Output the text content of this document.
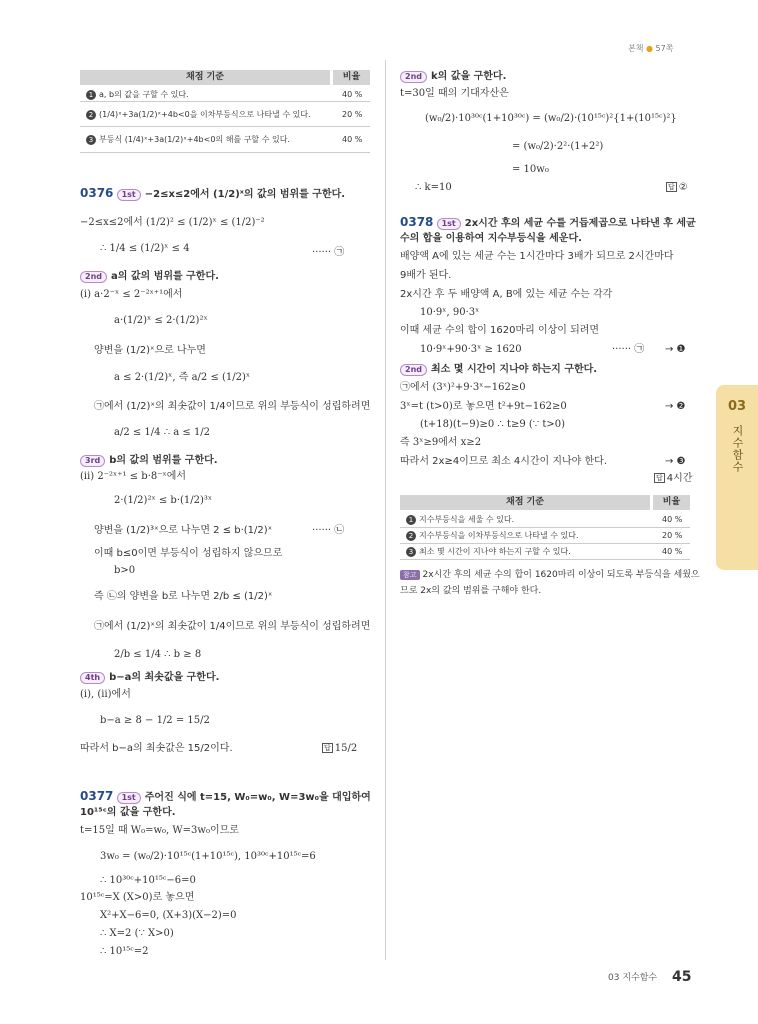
본책 ● 57쪽
03
지수함수
채점 기준	비율
1 a, b의 값을 구할 수 있다.	40 %
2 (1/4)ˣ+3a(1/2)ˣ+4b<0을 이차부등식으로 나타낼 수 있다.	20 %
3 부등식 (1/4)ˣ+3a(1/2)ˣ+4b<0의 해를 구할 수 있다.	40 %
0376 1st −2≤x≤2에서 (1/2)ˣ의 값의 범위를 구한다.
−2≤x≤2에서 (1/2)² ≤ (1/2)ˣ ≤ (1/2)⁻²
∴ 1/4 ≤ (1/2)ˣ ≤ 4	······ ㉠
2nd a의 값의 범위를 구한다.
(ⅰ) a·2⁻ˣ ≤ 2⁻²ˣ⁺¹에서
a·(1/2)ˣ ≤ 2·(1/2)²ˣ
양변을 (1/2)ˣ으로 나누면
a ≤ 2·(1/2)ˣ, 즉 a/2 ≤ (1/2)ˣ
㉠에서 (1/2)ˣ의 최솟값이 1/4이므로 위의 부등식이 성립하려면
a/2 ≤ 1/4 ∴ a ≤ 1/2
3rd b의 값의 범위를 구한다.
(ⅱ) 2⁻²ˣ⁺¹ ≤ b·8⁻ˣ에서
2·(1/2)²ˣ ≤ b·(1/2)³ˣ
양변을 (1/2)³ˣ으로 나누면 2 ≤ b·(1/2)ˣ	······ ㉡
이때 b≤0이면 부등식이 성립하지 않으므로
b>0
즉 ㉡의 양변을 b로 나누면 2/b ≤ (1/2)ˣ
㉠에서 (1/2)ˣ의 최솟값이 1/4이므로 위의 부등식이 성립하려면
2/b ≤ 1/4 ∴ b ≥ 8
4th b−a의 최솟값을 구한다.
(ⅰ), (ⅱ)에서
b−a ≥ 8 − 1/2 = 15/2
따라서 b−a의 최솟값은 15/2이다.	답 15/2
0377 1st 주어진 식에 t=15, W₀=w₀, W=3w₀을 대입하여
10¹⁵ᶜ의 값을 구한다.
t=15일 때 W₀=w₀, W=3w₀이므로
3w₀ = (w₀/2)·10¹⁵ᶜ(1+10¹⁵ᶜ), 10³⁰ᶜ+10¹⁵ᶜ=6
∴ 10³⁰ᶜ+10¹⁵ᶜ−6=0
10¹⁵ᶜ=X (X>0)로 놓으면
X²+X−6=0, (X+3)(X−2)=0
∴ X=2 (∵ X>0)
∴ 10¹⁵ᶜ=2
2nd k의 값을 구한다.
t=30일 때의 기대자산은
(w₀/2)·10³⁰ᶜ(1+10³⁰ᶜ) = (w₀/2)·(10¹⁵ᶜ)²{1+(10¹⁵ᶜ)²}
= (w₀/2)·2²·(1+2²)
= 10w₀
∴ k=10	답 ②
0378 1st 2x시간 후의 세균 수를 거듭제곱으로 나타낸 후 세균
수의 합을 이용하여 지수부등식을 세운다.
배양액 A에 있는 세균 수는 1시간마다 3배가 되므로 2시간마다
9배가 된다.
2x시간 후 두 배양액 A, B에 있는 세균 수는 각각
10·9ˣ, 90·3ˣ
이때 세균 수의 합이 1620마리 이상이 되려면
10·9ˣ+90·3ˣ ≥ 1620	······ ㉠ → ❶
2nd 최소 몇 시간이 지나야 하는지 구한다.
㉠에서 (3ˣ)²+9·3ˣ−162≥0
3ˣ=t (t>0)로 놓으면 t²+9t−162≥0	→ ❷
(t+18)(t−9)≥0 ∴ t≥9 (∵ t>0)
즉 3ˣ≥9에서 x≥2
따라서 2x≥4이므로 최소 4시간이 지나야 한다.	→ ❸
답 4시간
채점 기준	비율
1 지수부등식을 세울 수 있다.	40 %
2 지수부등식을 이차부등식으로 나타낼 수 있다.	20 %
3 최소 몇 시간이 지나야 하는지 구할 수 있다.	40 %
참고 2x시간 후의 세균 수의 합이 1620마리 이상이 되도록 부등식을 세웠으
므로 2x의 값의 범위를 구해야 한다.
03 지수함수 45
